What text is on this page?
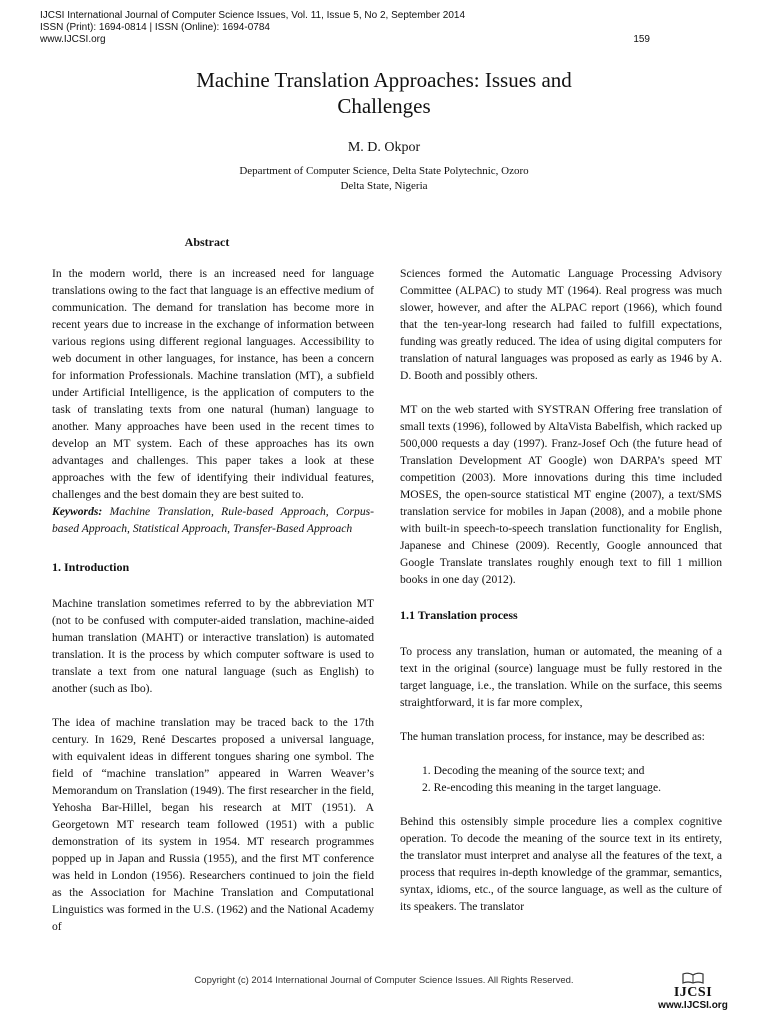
IJCSI International Journal of Computer Science Issues, Vol. 11, Issue 5, No 2, September 2014
ISSN (Print): 1694-0814 | ISSN (Online): 1694-0784
www.IJCSI.org	159
Machine Translation Approaches: Issues and
Challenges
M. D. Okpor
Department of Computer Science, Delta State Polytechnic, Ozoro
Delta State, Nigeria
Abstract

In the modern world, there is an increased need for language translations owing to the fact that language is an effective medium of communication. The demand for translation has become more in recent years due to increase in the exchange of information between various regions using different regional languages. Accessibility to web document in other languages, for instance, has been a concern for information Professionals. Machine translation (MT), a subfield under Artificial Intelligence, is the application of computers to the task of translating texts from one natural (human) language to another. Many approaches have been used in the recent times to develop an MT system. Each of these approaches has its own advantages and challenges. This paper takes a look at these approaches with the few of identifying their individual features, challenges and the best domain they are best suited to.

Keywords: Machine Translation, Rule-based Approach, Corpus-based Approach, Statistical Approach, Transfer-Based Approach

1. Introduction

Machine translation sometimes referred to by the abbreviation MT (not to be confused with computer-aided translation, machine-aided human translation (MAHT) or interactive translation) is automated translation. It is the process by which computer software is used to translate a text from one natural language (such as English) to another (such as Ibo).

The idea of machine translation may be traced back to the 17th century. In 1629, René Descartes proposed a universal language, with equivalent ideas in different tongues sharing one symbol. The field of “machine translation” appeared in Warren Weaver’s Memorandum on Translation (1949). The first researcher in the field, Yehosha Bar-Hillel, began his research at MIT (1951). A Georgetown MT research team followed (1951) with a public demonstration of its system in 1954. MT research programmes popped up in Japan and Russia (1955), and the first MT conference was held in London (1956). Researchers continued to join the field as the Association for Machine Translation and Computational Linguistics was formed in the U.S. (1962) and the National Academy of

Sciences formed the Automatic Language Processing Advisory Committee (ALPAC) to study MT (1964). Real progress was much slower, however, and after the ALPAC report (1966), which found that the ten-year-long research had failed to fulfill expectations, funding was greatly reduced. The idea of using digital computers for translation of natural languages was proposed as early as 1946 by A. D. Booth and possibly others.

MT on the web started with SYSTRAN Offering free translation of small texts (1996), followed by AltaVista Babelfish, which racked up 500,000 requests a day (1997). Franz-Josef Och (the future head of Translation Development AT Google) won DARPA’s speed MT competition (2003). More innovations during this time included MOSES, the open-source statistical MT engine (2007), a text/SMS translation service for mobiles in Japan (2008), and a mobile phone with built-in speech-to-speech translation functionality for English, Japanese and Chinese (2009). Recently, Google announced that Google Translate translates roughly enough text to fill 1 million books in one day (2012).

1.1 Translation process

To process any translation, human or automated, the meaning of a text in the original (source) language must be fully restored in the target language, i.e., the translation. While on the surface, this seems straightforward, it is far more complex,

The human translation process, for instance, may be described as:

1. Decoding the meaning of the source text; and
2. Re-encoding this meaning in the target language.

Behind this ostensibly simple procedure lies a complex cognitive operation. To decode the meaning of the source text in its entirety, the translator must interpret and analyse all the features of the text, a process that requires in-depth knowledge of the grammar, semantics, syntax, idioms, etc., of the source language, as well as the culture of its speakers. The translator

Copyright (c) 2014 International Journal of Computer Science Issues. All Rights Reserved.
IJCSI
www.IJCSI.org
